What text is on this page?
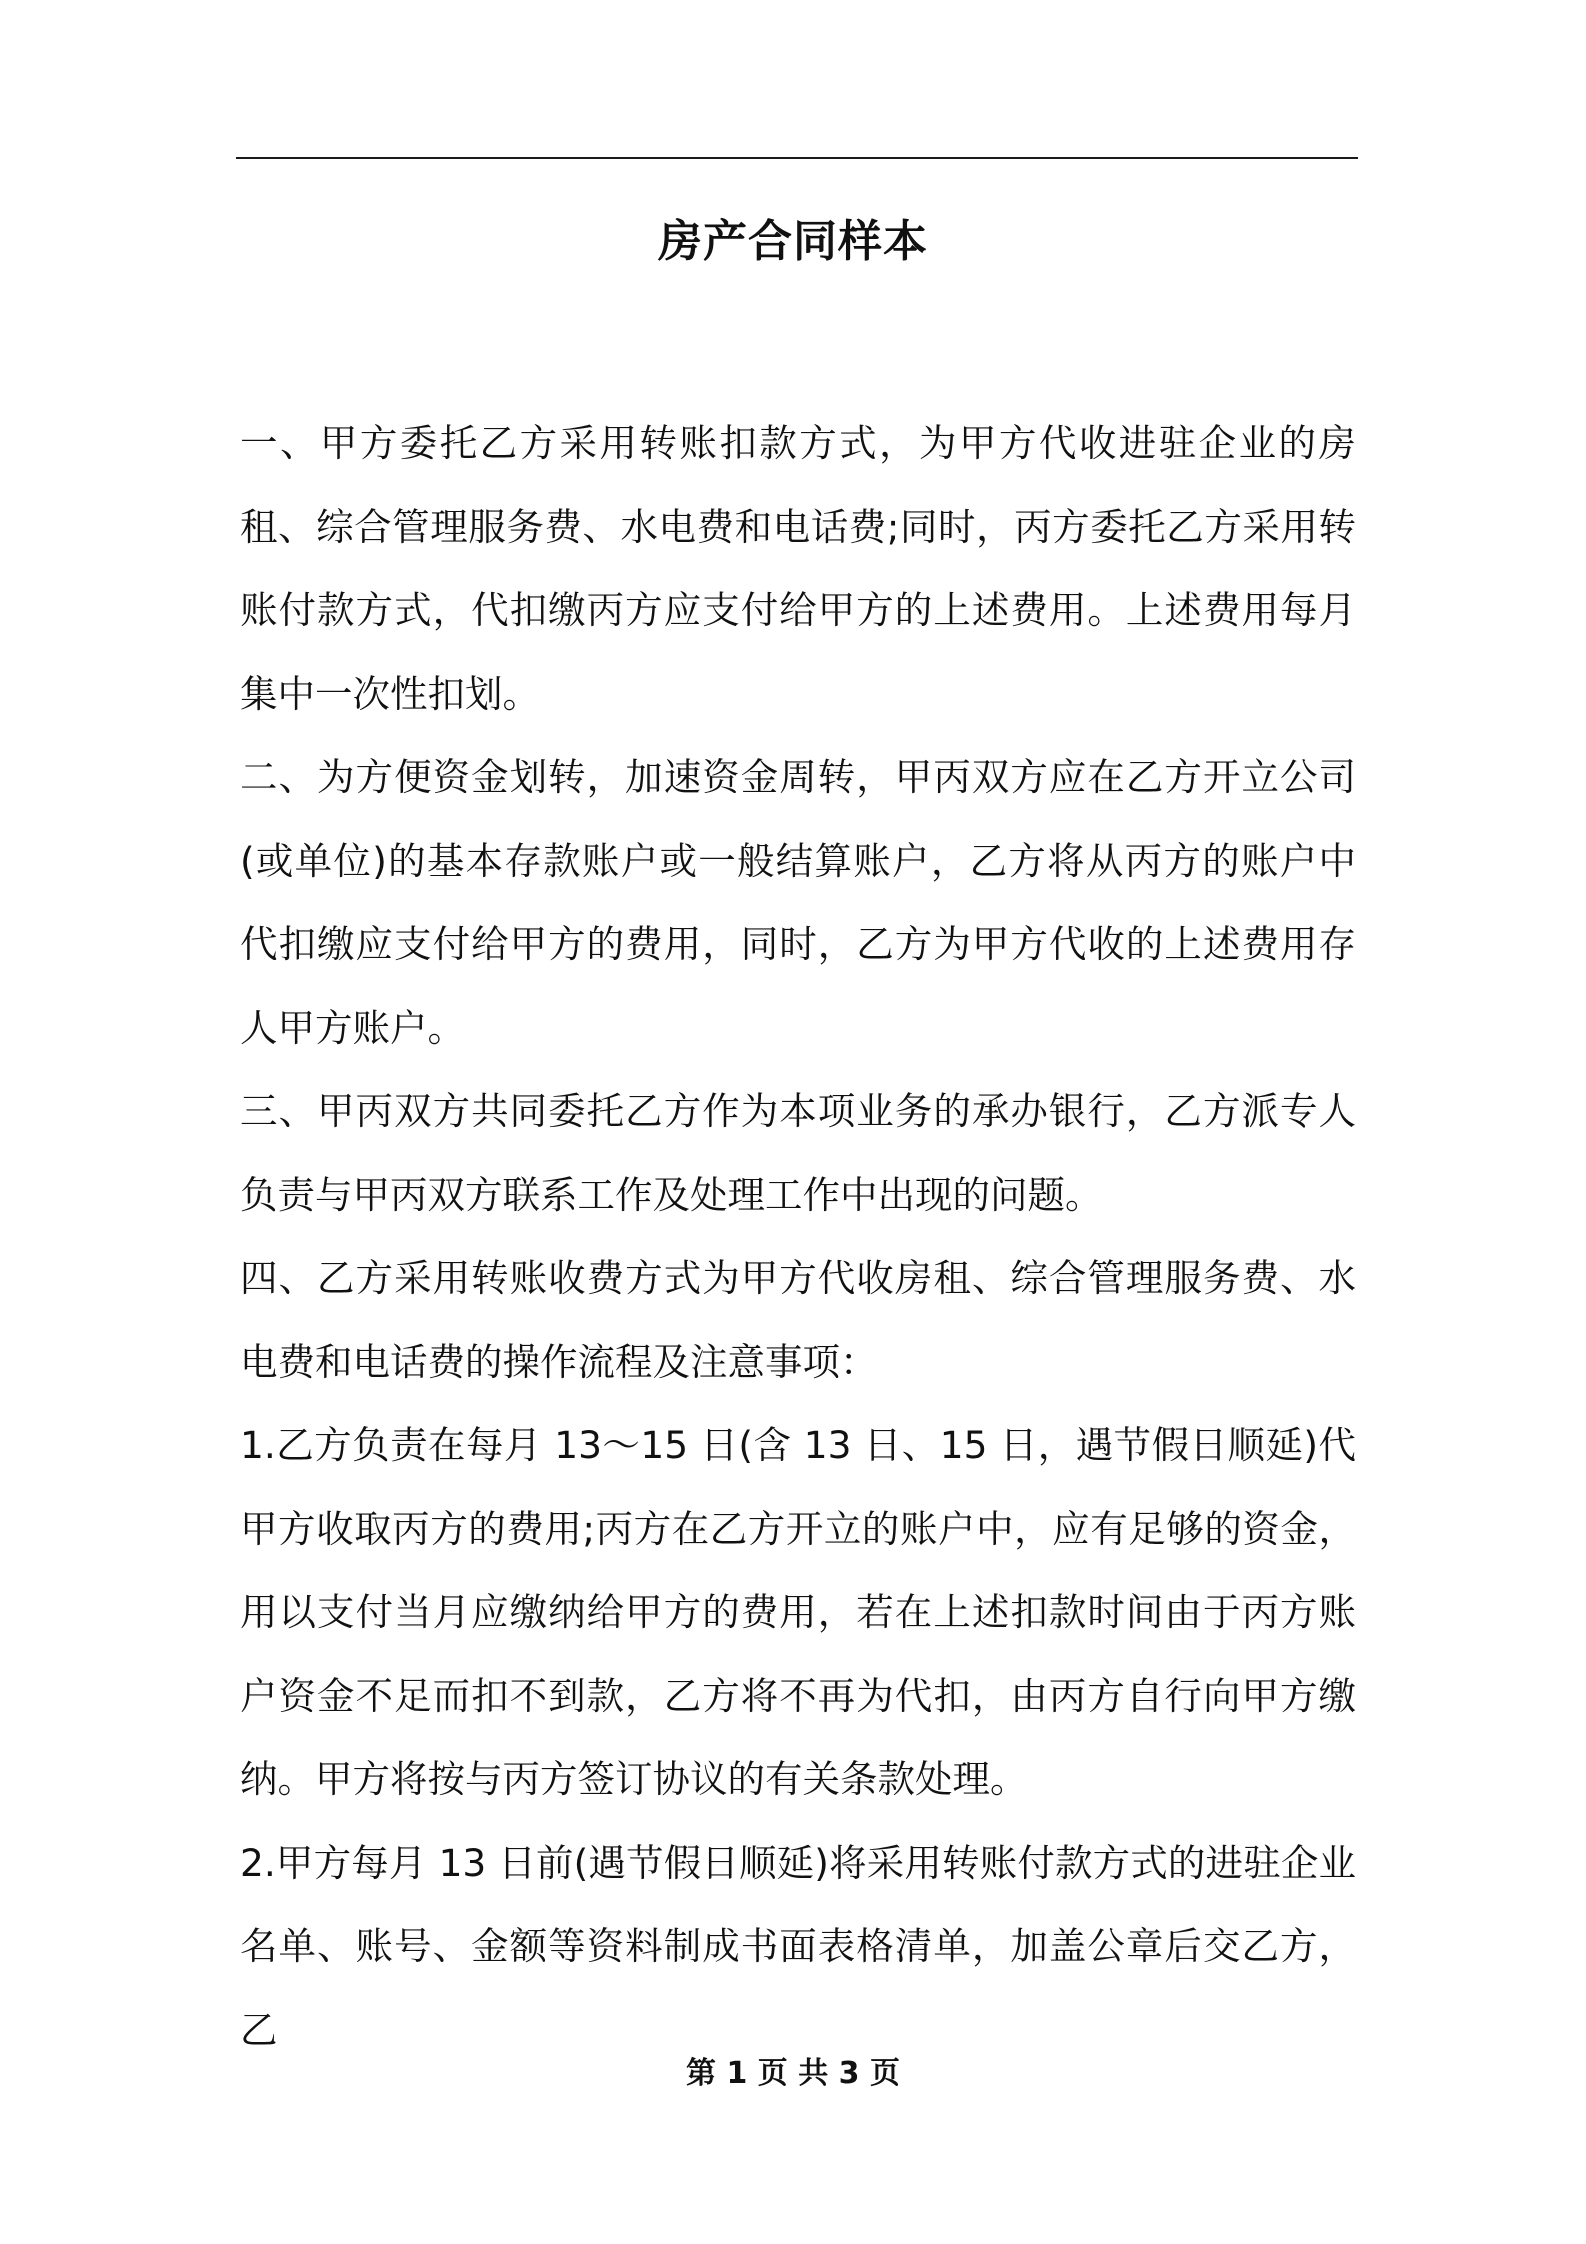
房产合同样本

一、甲方委托乙方采用转账扣款方式，为甲方代收进驻企业的房租、综合管理服务费、水电费和电话费;同时，丙方委托乙方采用转账付款方式，代扣缴丙方应支付给甲方的上述费用。上述费用每月集中一次性扣划。

二、为方便资金划转，加速资金周转，甲丙双方应在乙方开立公司(或单位)的基本存款账户或一般结算账户，乙方将从丙方的账户中代扣缴应支付给甲方的费用，同时，乙方为甲方代收的上述费用存人甲方账户。

三、甲丙双方共同委托乙方作为本项业务的承办银行，乙方派专人负责与甲丙双方联系工作及处理工作中出现的问题。

四、乙方采用转账收费方式为甲方代收房租、综合管理服务费、水电费和电话费的操作流程及注意事项：

1.乙方负责在每月 13～15 日(含 13 日、15 日，遇节假日顺延)代甲方收取丙方的费用;丙方在乙方开立的账户中，应有足够的资金，用以支付当月应缴纳给甲方的费用，若在上述扣款时间由于丙方账户资金不足而扣不到款，乙方将不再为代扣，由丙方自行向甲方缴纳。甲方将按与丙方签订协议的有关条款处理。

2.甲方每月 13 日前(遇节假日顺延)将采用转账付款方式的进驻企业名单、账号、金额等资料制成书面表格清单，加盖公章后交乙方，乙

第 1 页 共 3 页
